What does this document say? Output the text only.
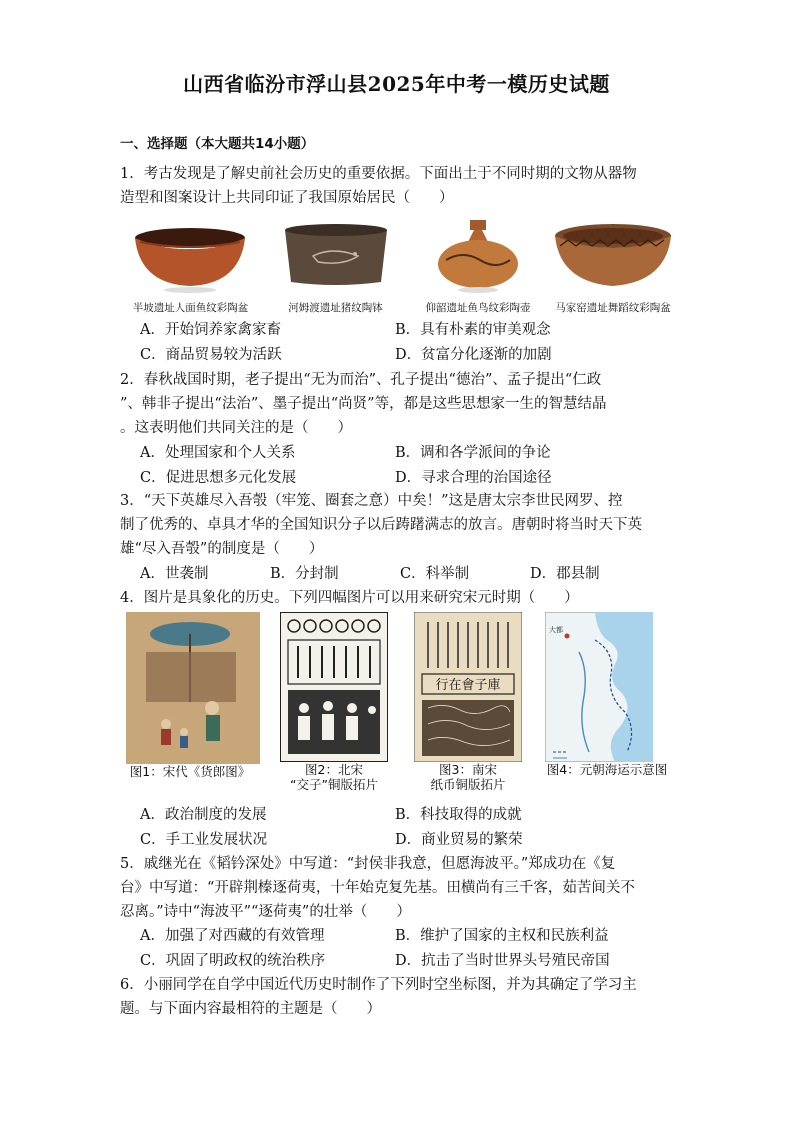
山西省临汾市浮山县2025年中考一模历史试题
一、选择题（本大题共14小题）
1．考古发现是了解史前社会历史的重要依据。下面出土于不同时期的文物从器物
造型和图案设计上共同印证了我国原始居民（　　）
半坡遗址人面鱼纹彩陶盆	河姆渡遗址猪纹陶钵	仰韶遗址鱼鸟纹彩陶壶	马家窑遗址舞蹈纹彩陶盆
A．开始饲养家禽家畜	B．具有朴素的审美观念
C．商品贸易较为活跃	D．贫富分化逐渐的加剧
2．春秋战国时期，老子提出“无为而治”、孔子提出“德治”、孟子提出“仁政
”、韩非子提出“法治”、墨子提出“尚贤”等，都是这些思想家一生的智慧结晶
。这表明他们共同关注的是（　　）
A．处理国家和个人关系	B．调和各学派间的争论
C．促进思想多元化发展	D．寻求合理的治国途径
3．“天下英雄尽入吾彀（牢笼、圈套之意）中矣！”这是唐太宗李世民网罗、控
制了优秀的、卓具才华的全国知识分子以后踌躇满志的放言。唐朝时将当时天下英
雄“尽入吾彀”的制度是（　　）
A．世袭制	B．分封制	C．科举制	D．郡县制
4．图片是具象化的历史。下列四幅图片可以用来研究宋元时期（　　）
图1：宋代《货郎图》	图2：北宋
“交子”铜版拓片
行在會子庫
图3：南宋
纸币铜版拓片
大都
图4：元朝海运示意图
A．政治制度的发展	B．科技取得的成就
C．手工业发展状况	D．商业贸易的繁荣
5．戚继光在《韬钤深处》中写道：“封侯非我意，但愿海波平。”郑成功在《复
台》中写道：“开辟荆榛逐荷夷，十年始克复先基。田横尚有三千客，茹苦间关不
忍离。”诗中“海波平”“逐荷夷”的壮举（　　）
A．加强了对西藏的有效管理	B．维护了国家的主权和民族利益
C．巩固了明政权的统治秩序	D．抗击了当时世界头号殖民帝国
6．小丽同学在自学中国近代历史时制作了下列时空坐标图，并为其确定了学习主
题。与下面内容最相符的主题是（　　）
